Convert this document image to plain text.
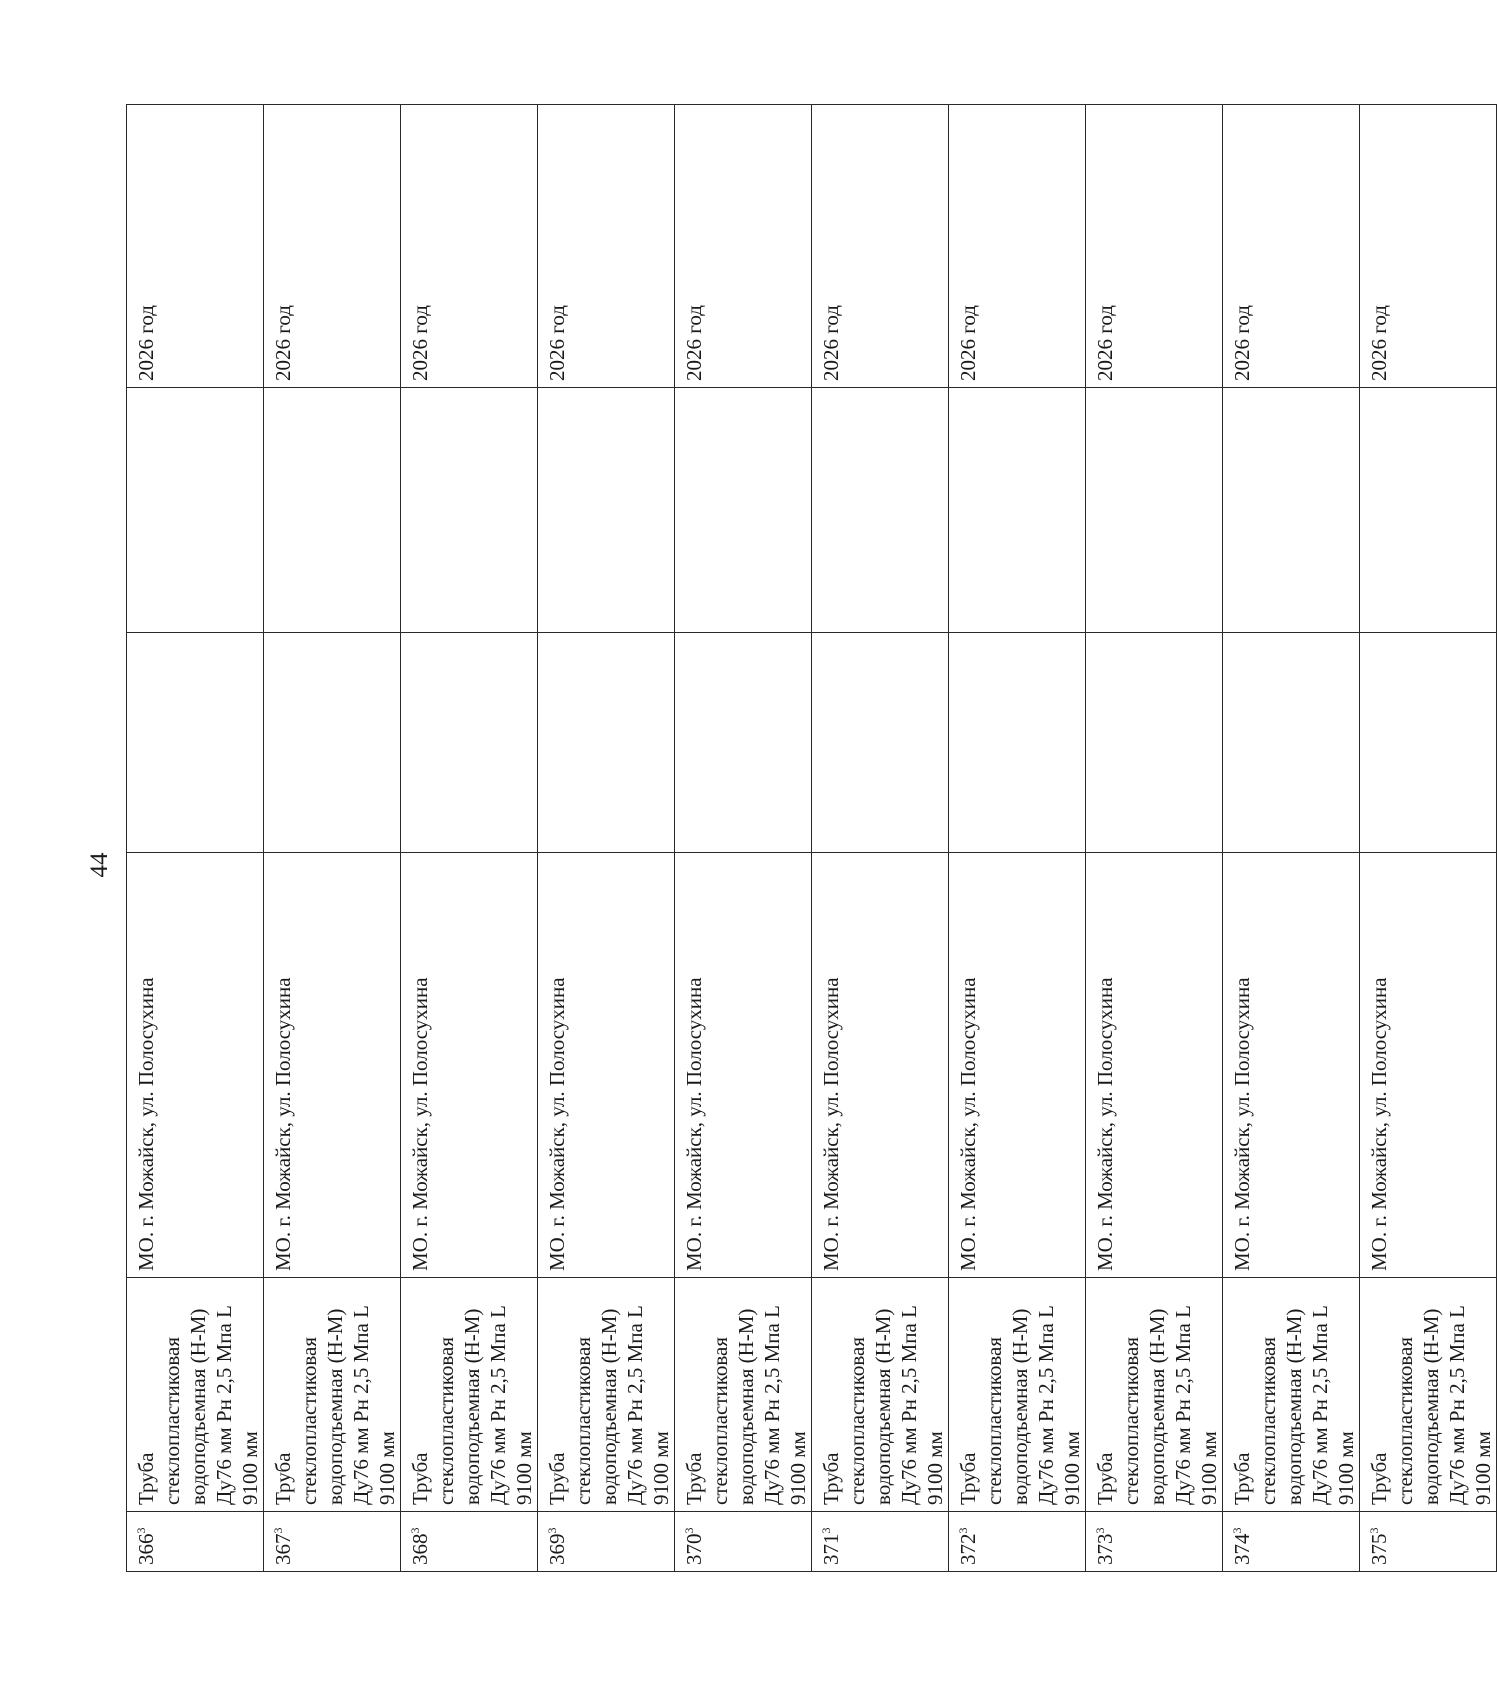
44
$366^3$	Труба стеклопластиковая водоподъемная (Н-М) Ду76 мм Рн 2,5 Мпа L 9100 мм	МО. г. Можайск, ул. Полосухина			2026 год
$367^3$	Труба стеклопластиковая водоподъемная (Н-М) Ду76 мм Рн 2,5 Мпа L 9100 мм	МО. г. Можайск, ул. Полосухина			2026 год
$368^3$	Труба стеклопластиковая водоподъемная (Н-М) Ду76 мм Рн 2,5 Мпа L 9100 мм	МО. г. Можайск, ул. Полосухина			2026 год
$369^3$	Труба стеклопластиковая водоподъемная (Н-М) Ду76 мм Рн 2,5 Мпа L 9100 мм	МО. г. Можайск, ул. Полосухина			2026 год
$370^3$	Труба стеклопластиковая водоподъемная (Н-М) Ду76 мм Рн 2,5 Мпа L 9100 мм	МО. г. Можайск, ул. Полосухина			2026 год
$371^3$	Труба стеклопластиковая водоподъемная (Н-М) Ду76 мм Рн 2,5 Мпа L 9100 мм	МО. г. Можайск, ул. Полосухина			2026 год
$372^3$	Труба стеклопластиковая водоподъемная (Н-М) Ду76 мм Рн 2,5 Мпа L 9100 мм	МО. г. Можайск, ул. Полосухина			2026 год
$373^3$	Труба стеклопластиковая водоподъемная (Н-М) Ду76 мм Рн 2,5 Мпа L 9100 мм	МО. г. Можайск, ул. Полосухина			2026 год
$374^3$	Труба стеклопластиковая водоподъемная (Н-М) Ду76 мм Рн 2,5 Мпа L 9100 мм	МО. г. Можайск, ул. Полосухина			2026 год
$375^3$	Труба стеклопластиковая водоподъемная (Н-М) Ду76 мм Рн 2,5 Мпа L 9100 мм	МО. г. Можайск, ул. Полосухина			2026 год
